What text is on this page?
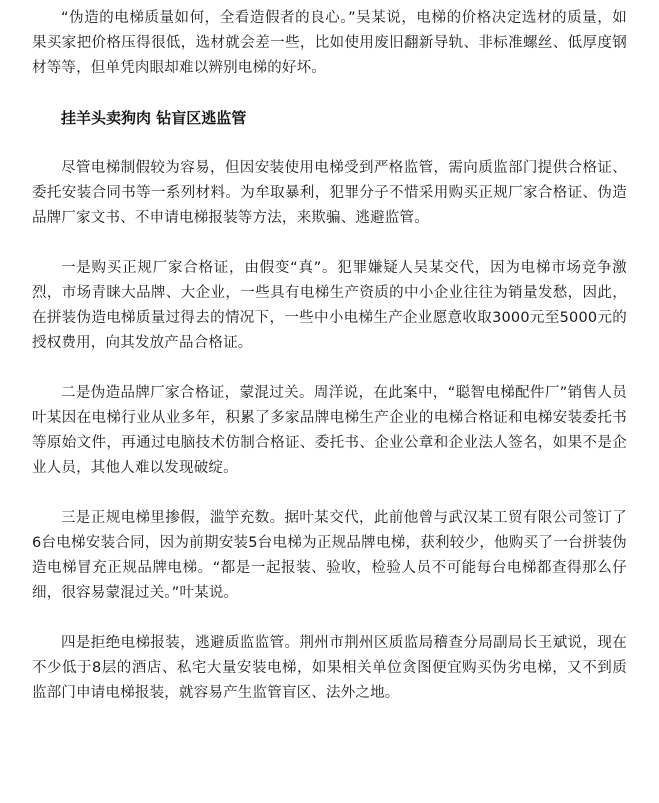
“伪造的电梯质量如何，全看造假者的良心。”吴某说，电梯的价格决定选材的质量，如果买家把价格压得很低，选材就会差一些，比如使用废旧翻新导轨、非标准螺丝、低厚度钢材等等，但单凭肉眼却难以辨别电梯的好坏。

挂羊头卖狗肉 钻盲区逃监管

尽管电梯制假较为容易，但因安装使用电梯受到严格监管，需向质监部门提供合格证、委托安装合同书等一系列材料。为牟取暴利，犯罪分子不惜采用购买正规厂家合格证、伪造品牌厂家文书、不申请电梯报装等方法，来欺骗、逃避监管。

一是购买正规厂家合格证，由假变“真”。犯罪嫌疑人吴某交代，因为电梯市场竞争激烈，市场青睐大品牌、大企业，一些具有电梯生产资质的中小企业往往为销量发愁，因此，在拼装伪造电梯质量过得去的情况下，一些中小电梯生产企业愿意收取3000元至5000元的授权费用，向其发放产品合格证。

二是伪造品牌厂家合格证，蒙混过关。周洋说，在此案中，“聪智电梯配件厂”销售人员叶某因在电梯行业从业多年，积累了多家品牌电梯生产企业的电梯合格证和电梯安装委托书等原始文件，再通过电脑技术仿制合格证、委托书、企业公章和企业法人签名，如果不是企业人员，其他人难以发现破绽。

三是正规电梯里掺假，滥竽充数。据叶某交代，此前他曾与武汉某工贸有限公司签订了6台电梯安装合同，因为前期安装5台电梯为正规品牌电梯，获利较少，他购买了一台拼装伪造电梯冒充正规品牌电梯。“都是一起报装、验收，检验人员不可能每台电梯都查得那么仔细，很容易蒙混过关。”叶某说。

四是拒绝电梯报装，逃避质监监管。荆州市荆州区质监局稽查分局副局长王斌说，现在不少低于8层的酒店、私宅大量安装电梯，如果相关单位贪图便宜购买伪劣电梯，又不到质监部门申请电梯报装，就容易产生监管盲区、法外之地。
